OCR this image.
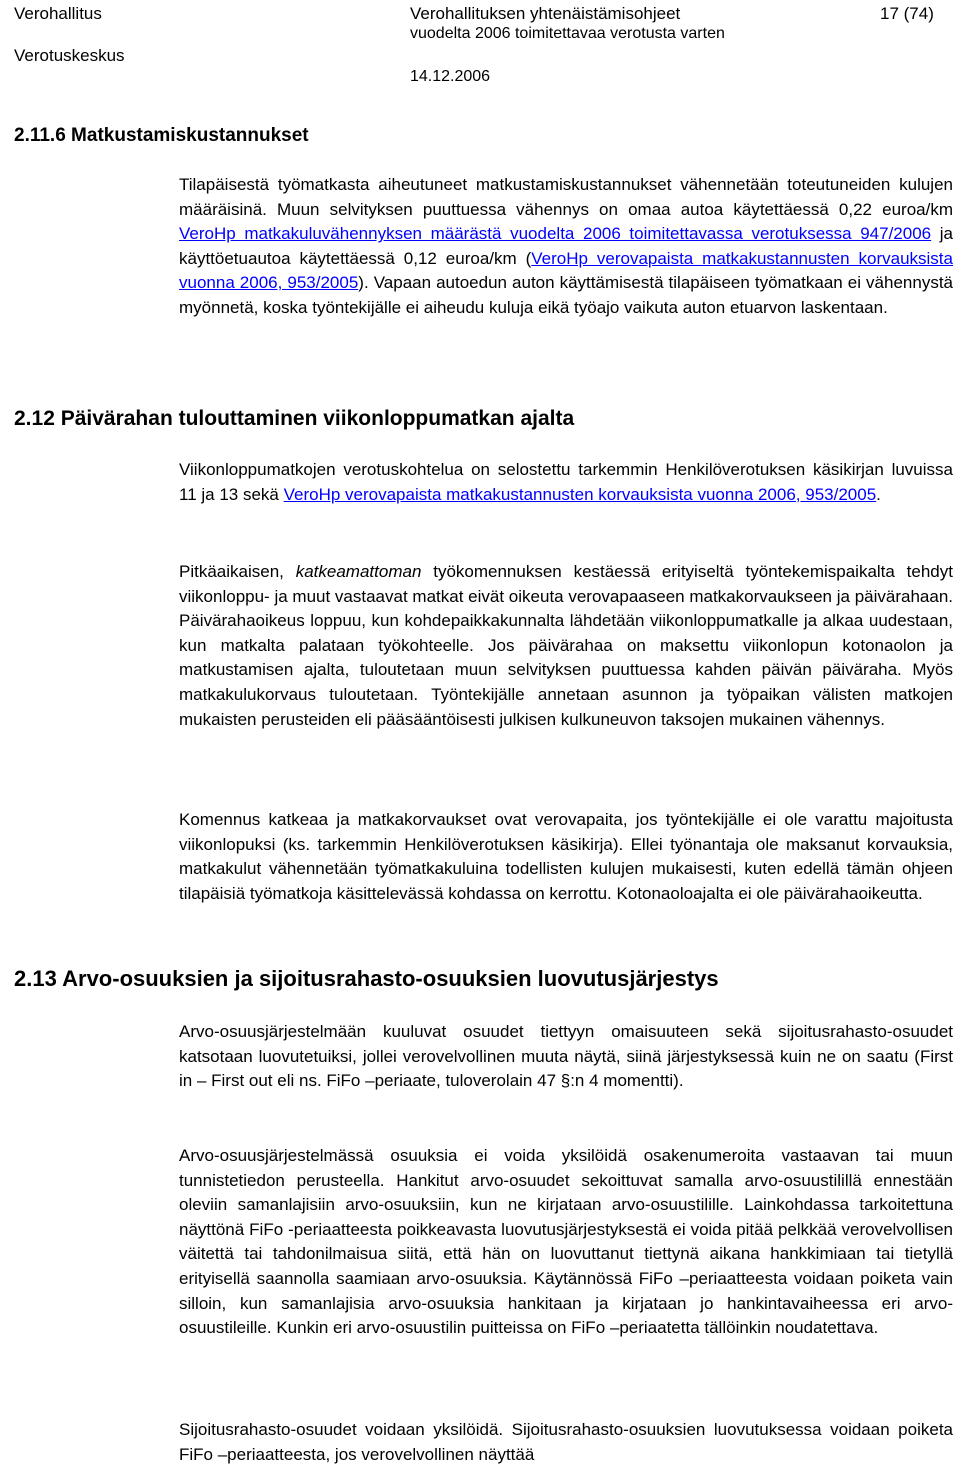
Verohallitus
Verotuskeskus
Verohallituksen yhtenäistämisohjeet
vuodelta 2006 toimitettavaa verotusta varten
14.12.2006
17 (74)
2.11.6 Matkustamiskustannukset

Tilapäisestä työmatkasta aiheutuneet matkustamiskustannukset vähennetään toteutuneiden kulujen määräisinä. Muun selvityksen puuttuessa vähennys on omaa autoa käytettäessä 0,22 euroa/km VeroHp matkakuluvähennyksen määrästä vuodelta 2006 toimitettavassa verotuksessa 947/2006 ja käyttöetuautoa käytettäessä 0,12 euroa/km (VeroHp verovapaista matkakustannusten korvauksista vuonna 2006, 953/2005). Vapaan autoedun auton käyttämisestä tilapäiseen työmatkaan ei vähennystä myönnetä, koska työntekijälle ei aiheudu kuluja eikä työajo vaikuta auton etuarvon laskentaan.

2.12 Päivärahan tulouttaminen viikonloppumatkan ajalta

Viikonloppumatkojen verotuskohtelua on selostettu tarkemmin Henkilöverotuksen käsikirjan luvuissa 11 ja 13 sekä VeroHp verovapaista matkakustannusten korvauksista vuonna 2006, 953/2005.

Pitkäaikaisen, katkeamattoman työkomennuksen kestäessä erityiseltä työntekemispaikalta tehdyt viikonloppu- ja muut vastaavat matkat eivät oikeuta verovapaaseen matkakorvaukseen ja päivärahaan. Päivärahaoikeus loppuu, kun kohdepaikkakunnalta lähdetään viikonloppumatkalle ja alkaa uudestaan, kun matkalta palataan työkohteelle. Jos päivärahaa on maksettu viikonlopun kotonaolon ja matkustamisen ajalta, tuloutetaan muun selvityksen puuttuessa kahden päivän päiväraha. Myös matkakulukorvaus tuloutetaan. Työntekijälle annetaan asunnon ja työpaikan välisten matkojen mukaisten perusteiden eli pääsääntöisesti julkisen kulkuneuvon taksojen mukainen vähennys.

Komennus katkeaa ja matkakorvaukset ovat verovapaita, jos työntekijälle ei ole varattu majoitusta viikonlopuksi (ks. tarkemmin Henkilöverotuksen käsikirja). Ellei työnantaja ole maksanut korvauksia, matkakulut vähennetään työmatkakuluina todellisten kulujen mukaisesti, kuten edellä tämän ohjeen tilapäisiä työmatkoja käsittelevässä kohdassa on kerrottu. Kotonaoloajalta ei ole päivärahaoikeutta.

2.13 Arvo-osuuksien ja sijoitusrahasto-osuuksien luovutusjärjestys

Arvo-osuusjärjestelmään kuuluvat osuudet tiettyyn omaisuuteen sekä sijoitusrahasto-osuudet katsotaan luovutetuiksi, jollei verovelvollinen muuta näytä, siinä järjestyksessä kuin ne on saatu (First in – First out eli ns. FiFo –periaate, tuloverolain 47 §:n 4 momentti).

Arvo-osuusjärjestelmässä osuuksia ei voida yksilöidä osakenumeroita vastaavan tai muun tunnistetiedon perusteella. Hankitut arvo-osuudet sekoittuvat samalla arvo-osuustilillä ennestään oleviin samanlajisiin arvo-osuuksiin, kun ne kirjataan arvo-osuustilille. Lainkohdassa tarkoitettuna näyttönä FiFo -periaatteesta poikkeavasta luovutusjärjestyksestä ei voida pitää pelkkää verovelvollisen väitettä tai tahdonilmaisua siitä, että hän on luovuttanut tiettynä aikana hankkimiaan tai tietyllä erityisellä saannolla saamiaan arvo-osuuksia. Käytännössä FiFo –periaatteesta voidaan poiketa vain silloin, kun samanlajisia arvo-osuuksia hankitaan ja kirjataan jo hankintavaiheessa eri arvo-osuustileille. Kunkin eri arvo-osuustilin puitteissa on FiFo –periaatetta tällöinkin noudatettava.

Sijoitusrahasto-osuudet voidaan yksilöidä. Sijoitusrahasto-osuuksien luovutuksessa voidaan poiketa FiFo –periaatteesta, jos verovelvollinen näyttää
